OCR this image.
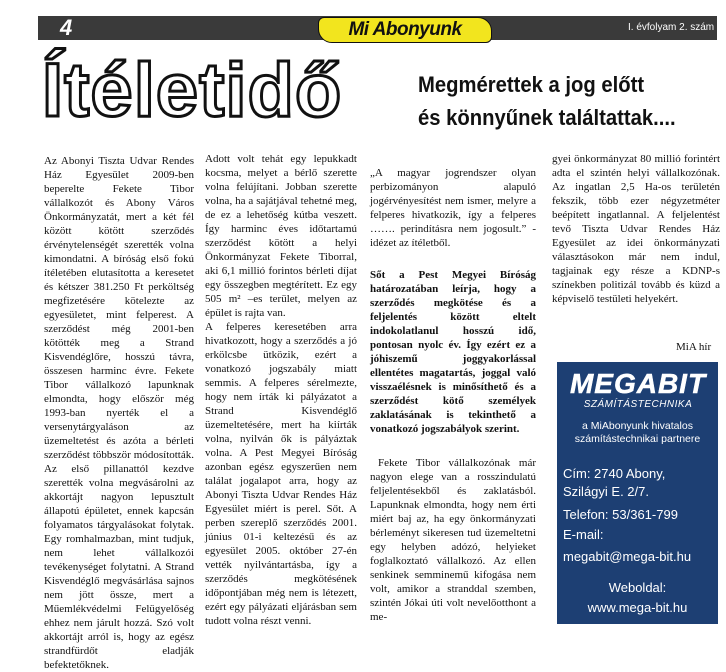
4	Mi Abonyunk	I. évfolyam 2. szám
Ítéletidő	Megmérettek a jog előtt
és könnyűnek találtattak....
Az Abonyi Tiszta Udvar Rendes Ház Egyesület 2009-ben beperelte Fekete Tibor vállalkozót és Abony Város Önkormányzatát, mert a két fél között kötött szerződés érvénytelenségét szerették volna kimondatni. A bíróság első fokú ítéletében elutasította a keresetet és kétszer 381.250 Ft perköltség megfizetésére kötelezte az egyesületet, mint felperest. A szerződést még 2001-ben kötötték meg a Strand Kisvendéglőre, hosszú távra, összesen harminc évre. Fekete Tibor vállalkozó lapunknak elmondta, hogy először még 1993-ban nyerték el a versenytárgyaláson az üzemeltetést és azóta a bérleti szerződést többször módosították. Az első pillanattól kezdve szerették volna megvásárolni az akkortájt nagyon lepusztult állapotú épületet, ennek kapcsán folyamatos tárgyalásokat folytak. Egy romhalmazban, mint tudjuk, nem lehet vállalkozói tevékenységet folytatni. A Strand Kisvendéglő megvásárlása sajnos nem jött össze, mert a Műemlékvédelmi Felügyelőség ehhez nem járult hozzá. Szó volt akkortájt arról is, hogy az egész strandfürdőt eladják befektetőknek.
Adott volt tehát egy lepukkadt kocsma, melyet a bérlő szerette volna felújítani. Jobban szerette volna, ha a sajátjával tehetné meg, de ez a lehetőség kútba veszett. Így harminc éves időtartamú szerződést kötött a helyi Önkormányzat Fekete Tiborral, aki 6,1 millió forintos bérleti díjat egy összegben megtérített. Ez egy 505 m² –es terület, melyen az épület is rajta van.
A felperes keresetében arra hivatkozott, hogy a szerződés a jó erkölcsbe ütközik, ezért a vonatkozó jogszabály miatt semmis. A felperes sérelmezte, hogy nem írták ki pályázatot a Strand Kisvendéglő üzemeltetésére, mert ha kiírták volna, nyilván ők is pályáztak volna. A Pest Megyei Bíróság azonban egész egyszerűen nem találat jogalapot arra, hogy az Abonyi Tiszta Udvar Rendes Ház Egyesület miért is perel. Sőt. A perben szereplő szerződés 2001. június 01-i keltezésű és az egyesület 2005. október 27-én vették nyilvántartásba, így a szerződés megkötésének időpontjában még nem is létezett, ezért egy pályázati eljárásban sem tudott volna részt venni.

„A magyar jogrendszer olyan perbizományon alapuló jogérvényesítést nem ismer, melyre a felperes hivatkozik, így a felperes ……. perindításra nem jogosult.” - idézet az ítéletből.

Sőt a Pest Megyei Bíróság határozatában leírja, hogy a szerződés megkötése és a feljelentés között eltelt indokolatlanul hosszú idő, pontosan nyolc év. Így ezért ez a jóhiszemű joggyakorlással ellentétes magatartás, joggal való visszaélésnek is minősíthető és a szerződést kötő személyek zaklatásának is tekinthető a vonatkozó jogszabályok szerint.

Fekete Tibor vállalkozónak már nagyon elege van a rosszindulatú feljelentésekből és zaklatásból. Lapunknak elmondta, hogy nem érti miért baj az, ha egy önkormányzati bérleményt sikeresen tud üzemeltetni egy helyben adózó, helyieket foglalkoztató vállalkozó. Az ellen senkinek semminemű kifogása nem volt, amikor a stranddal szemben, szintén Jókai úti volt nevelőotthont a me-

gyei önkormányzat 80 millió forintért adta el szintén helyi vállalkozónak. Az ingatlan 2,5 Ha-os területén fekszik, több ezer négyzetméter beépített ingatlannal. A feljelentést tevő Tiszta Udvar Rendes Ház Egyesület az idei önkormányzati választásokon már nem indul, tagjainak egy része a KDNP-s színekben politizál tovább és küzd a képviselő testületi helyekért.
MiA hír
MEGABIT
SZÁMÍTÁSTECHNIKA
a MiAbonyunk hivatalos számítástechnikai partnere
Cím: 2740 Abony,
Szilágyi E. 2/7.
Telefon: 53/361-799
E-mail:
megabit@mega-bit.hu
Weboldal:
www.mega-bit.hu
